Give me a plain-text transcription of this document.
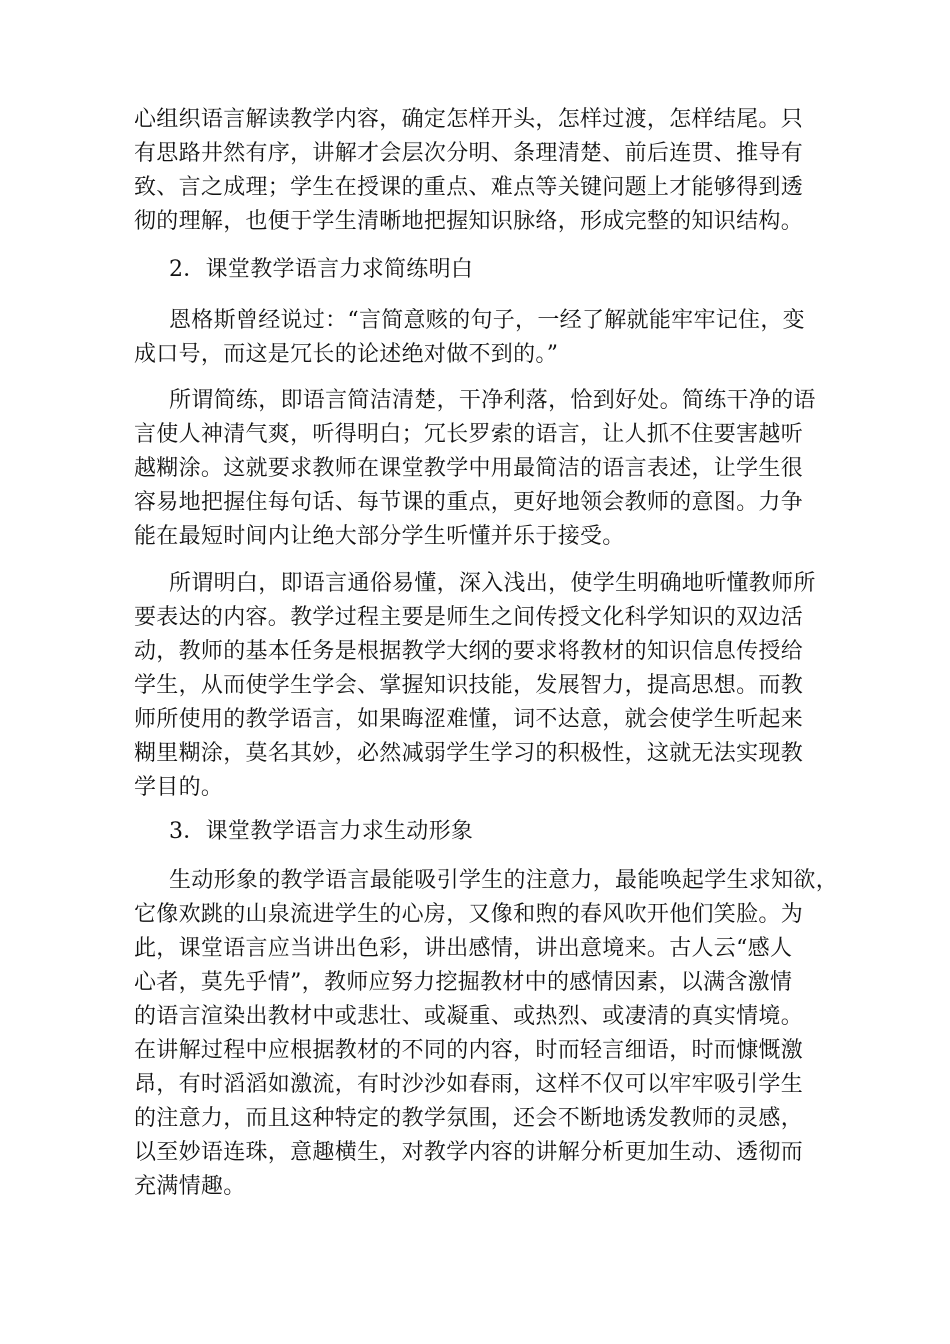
心组织语言解读教学内容，确定怎样开头，怎样过渡，怎样结尾。只
有思路井然有序，讲解才会层次分明、条理清楚、前后连贯、推导有
致、言之成理；学生在授课的重点、难点等关键问题上才能够得到透
彻的理解，也便于学生清晰地把握知识脉络，形成完整的知识结构。
2．课堂教学语言力求简练明白
恩格斯曾经说过：“言简意赅的句子，一经了解就能牢牢记住，变
成口号，而这是冗长的论述绝对做不到的。”
所谓简练，即语言简洁清楚，干净利落，恰到好处。简练干净的语
言使人神清气爽，听得明白；冗长罗索的语言，让人抓不住要害越听
越糊涂。这就要求教师在课堂教学中用最简洁的语言表述，让学生很
容易地把握住每句话、每节课的重点，更好地领会教师的意图。力争
能在最短时间内让绝大部分学生听懂并乐于接受。
所谓明白，即语言通俗易懂，深入浅出，使学生明确地听懂教师所
要表达的内容。教学过程主要是师生之间传授文化科学知识的双边活
动，教师的基本任务是根据教学大纲的要求将教材的知识信息传授给
学生，从而使学生学会、掌握知识技能，发展智力，提高思想。而教
师所使用的教学语言，如果晦涩难懂，词不达意，就会使学生听起来
糊里糊涂，莫名其妙，必然减弱学生学习的积极性，这就无法实现教
学目的。
3．课堂教学语言力求生动形象
生动形象的教学语言最能吸引学生的注意力，最能唤起学生求知欲，
它像欢跳的山泉流进学生的心房，又像和煦的春风吹开他们笑脸。为
此，课堂语言应当讲出色彩，讲出感情，讲出意境来。古人云“感人
心者，莫先乎情”，教师应努力挖掘教材中的感情因素，以满含激情
的语言渲染出教材中或悲壮、或凝重、或热烈、或凄清的真实情境。
在讲解过程中应根据教材的不同的内容，时而轻言细语，时而慷慨激
昂，有时滔滔如激流，有时沙沙如春雨，这样不仅可以牢牢吸引学生
的注意力，而且这种特定的教学氛围，还会不断地诱发教师的灵感，
以至妙语连珠，意趣横生，对教学内容的讲解分析更加生动、透彻而
充满情趣。
